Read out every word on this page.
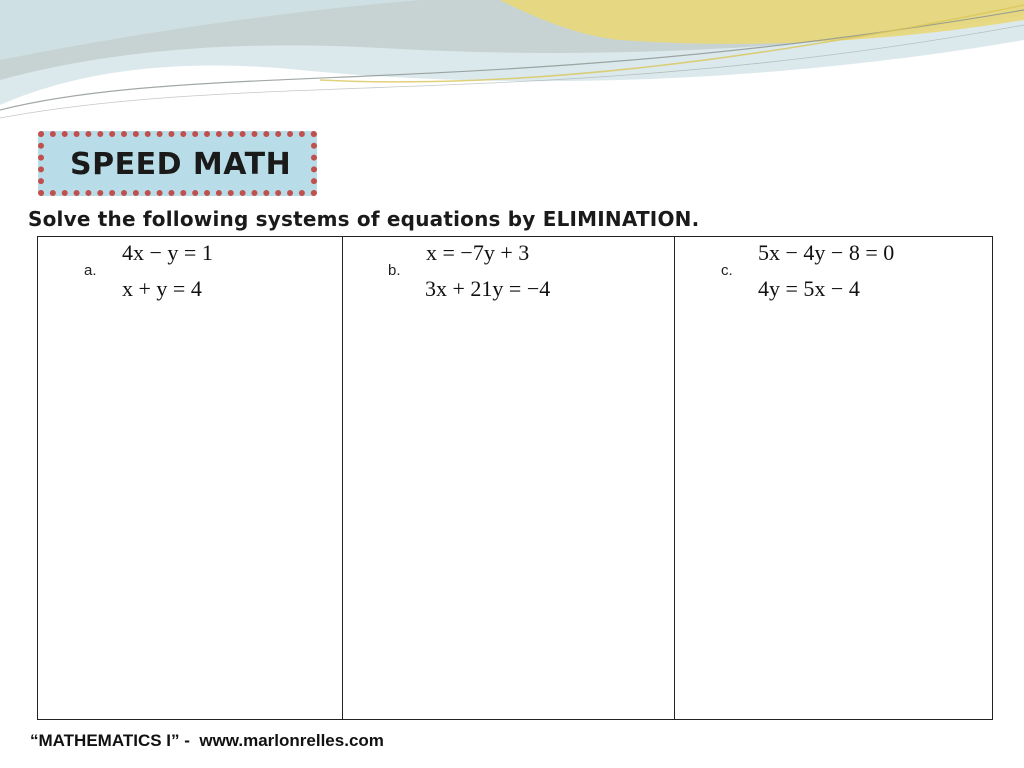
SPEED MATH
Solve the following systems of equations by ELIMINATION.
a.
4x − y = 1
x + y = 4
b.
x = −7y + 3
3x + 21y = −4
c.
5x − 4y − 8 = 0
4y = 5x − 4
“MATHEMATICS I” -  www.marlonrelles.com
